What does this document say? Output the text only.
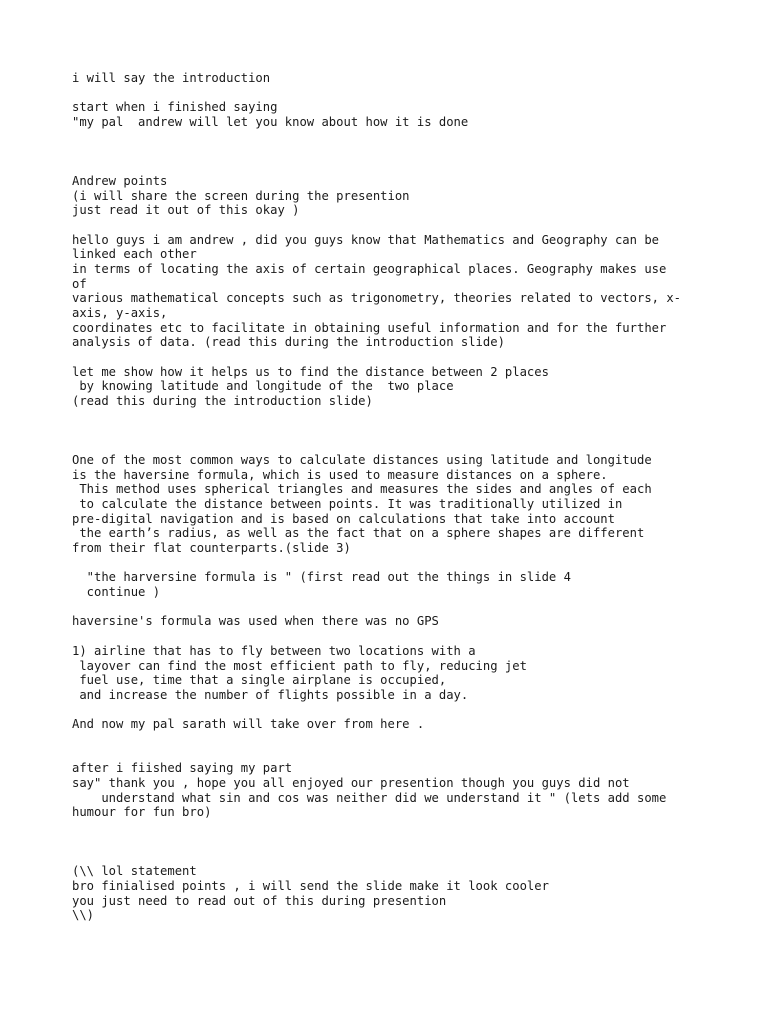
i will say the introduction
start when i finished saying
"my pal  andrew will let you know about how it is done
Andrew points
(i will share the screen during the presention
just read it out of this okay )
hello guys i am andrew , did you guys know that Mathematics and Geography can be
linked each other
in terms of locating the axis of certain geographical places. Geography makes use
of
various mathematical concepts such as trigonometry, theories related to vectors, x-
axis, y-axis,
coordinates etc to facilitate in obtaining useful information and for the further
analysis of data. (read this during the introduction slide)
let me show how it helps us to find the distance between 2 places
by knowing latitude and longitude of the  two place
(read this during the introduction slide)
One of the most common ways to calculate distances using latitude and longitude
is the haversine formula, which is used to measure distances on a sphere.
This method uses spherical triangles and measures the sides and angles of each
to calculate the distance between points. It was traditionally utilized in
pre-digital navigation and is based on calculations that take into account
the earth’s radius, as well as the fact that on a sphere shapes are different
from their flat counterparts.(slide 3)
"the harversine formula is " (first read out the things in slide 4
continue )
haversine's formula was used when there was no GPS
1) airline that has to fly between two locations with a
layover can find the most efficient path to fly, reducing jet
fuel use, time that a single airplane is occupied,
and increase the number of flights possible in a day.
And now my pal sarath will take over from here .
after i fiished saying my part
say" thank you , hope you all enjoyed our presention though you guys did not
understand what sin and cos was neither did we understand it " (lets add some
humour for fun bro)
(\\ lol statement
bro finialised points , i will send the slide make it look cooler
you just need to read out of this during presention
\\)
